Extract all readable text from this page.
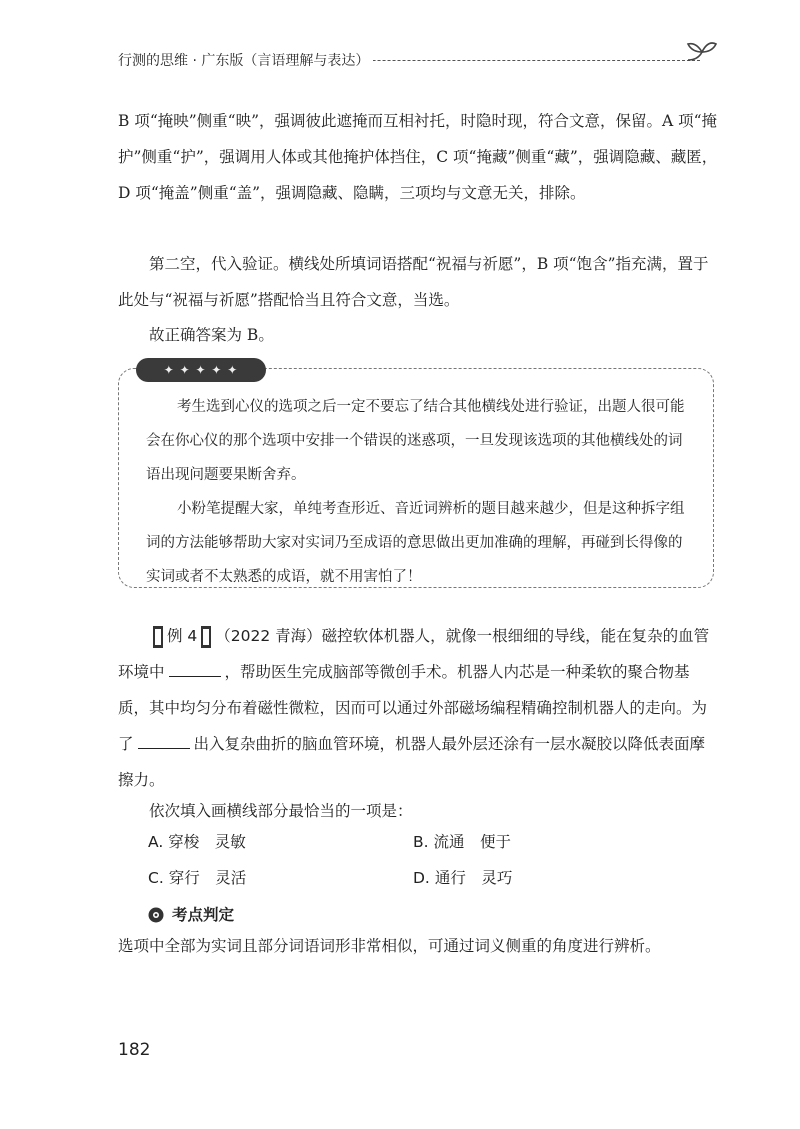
行测的思维 · 广东版（言语理解与表达）
B 项“掩映”侧重“映”，强调彼此遮掩而互相衬托，时隐时现，符合文意，保留。A 项“掩护”侧重“护”，强调用人体或其他掩护体挡住，C 项“掩藏”侧重“藏”，强调隐藏、藏匿，D 项“掩盖”侧重“盖”，强调隐藏、隐瞒，三项均与文意无关，排除。
第二空，代入验证。横线处所填词语搭配“祝福与祈愿”，B 项“饱含”指充满，置于此处与“祝福与祈愿”搭配恰当且符合文意，当选。
故正确答案为 B。
✦ ✦ ✦ ✦ ✦
考生选到心仪的选项之后一定不要忘了结合其他横线处进行验证，出题人很可能会在你心仪的那个选项中安排一个错误的迷惑项，一旦发现该选项的其他横线处的词语出现问题要果断舍弃。
小粉笔提醒大家，单纯考查形近、音近词辨析的题目越来越少，但是这种拆字组词的方法能够帮助大家对实词乃至成语的意思做出更加准确的理解，再碰到长得像的实词或者不太熟悉的成语，就不用害怕了！
例 4 （2022 青海）磁控软体机器人，就像一根细细的导线，能在复杂的血管环境中	，帮助医生完成脑部等微创手术。机器人内芯是一种柔软的聚合物基质，其中均匀分布着磁性微粒，因而可以通过外部磁场编程精确控制机器人的走向。为了	出入复杂曲折的脑血管环境，机器人最外层还涂有一层水凝胶以降低表面摩擦力。
依次填入画横线部分最恰当的一项是：
A. 穿梭　灵敏	B. 流通　便于
C. 穿行　灵活	D. 通行　灵巧
考点判定
选项中全部为实词且部分词语词形非常相似，可通过词义侧重的角度进行辨析。
182
